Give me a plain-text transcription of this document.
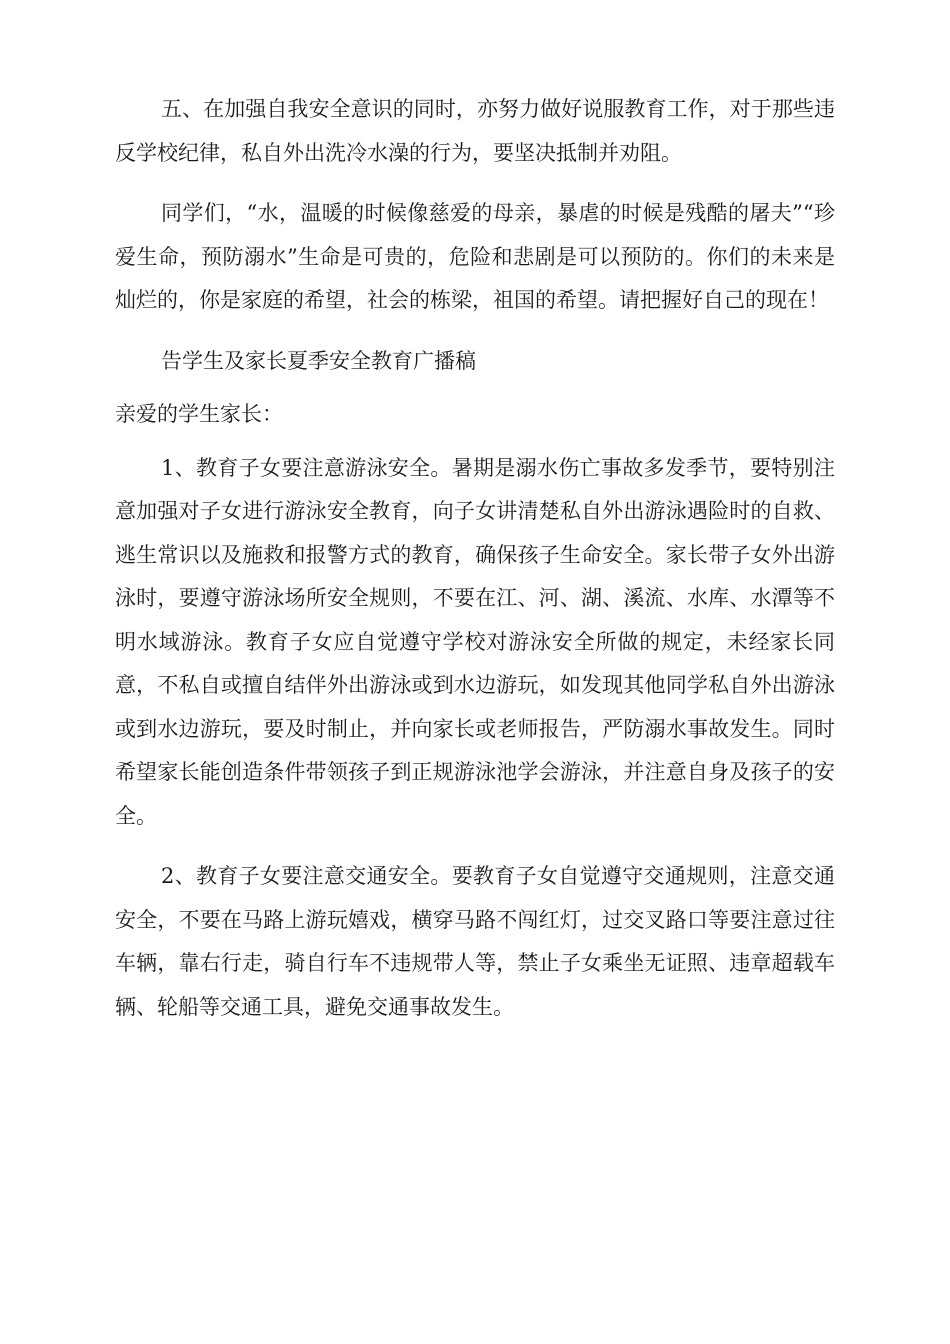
五、在加强自我安全意识的同时，亦努力做好说服教育工作，对于那些违反学校纪律，私自外出洗冷水澡的行为，要坚决抵制并劝阻。

同学们，“水，温暖的时候像慈爱的母亲，暴虐的时候是残酷的屠夫”“珍爱生命，预防溺水”生命是可贵的，危险和悲剧是可以预防的。你们的未来是灿烂的，你是家庭的希望，社会的栋梁，祖国的希望。请把握好自己的现在！

告学生及家长夏季安全教育广播稿

亲爱的学生家长：

1、教育子女要注意游泳安全。暑期是溺水伤亡事故多发季节，要特别注意加强对子女进行游泳安全教育，向子女讲清楚私自外出游泳遇险时的自救、逃生常识以及施救和报警方式的教育，确保孩子生命安全。家长带子女外出游泳时，要遵守游泳场所安全规则，不要在江、河、湖、溪流、水库、水潭等不明水域游泳。教育子女应自觉遵守学校对游泳安全所做的规定，未经家长同意，不私自或擅自结伴外出游泳或到水边游玩，如发现其他同学私自外出游泳或到水边游玩，要及时制止，并向家长或老师报告，严防溺水事故发生。同时希望家长能创造条件带领孩子到正规游泳池学会游泳，并注意自身及孩子的安全。

2、教育子女要注意交通安全。要教育子女自觉遵守交通规则，注意交通安全，不要在马路上游玩嬉戏，横穿马路不闯红灯，过交叉路口等要注意过往车辆，靠右行走，骑自行车不违规带人等，禁止子女乘坐无证照、违章超载车辆、轮船等交通工具，避免交通事故发生。
